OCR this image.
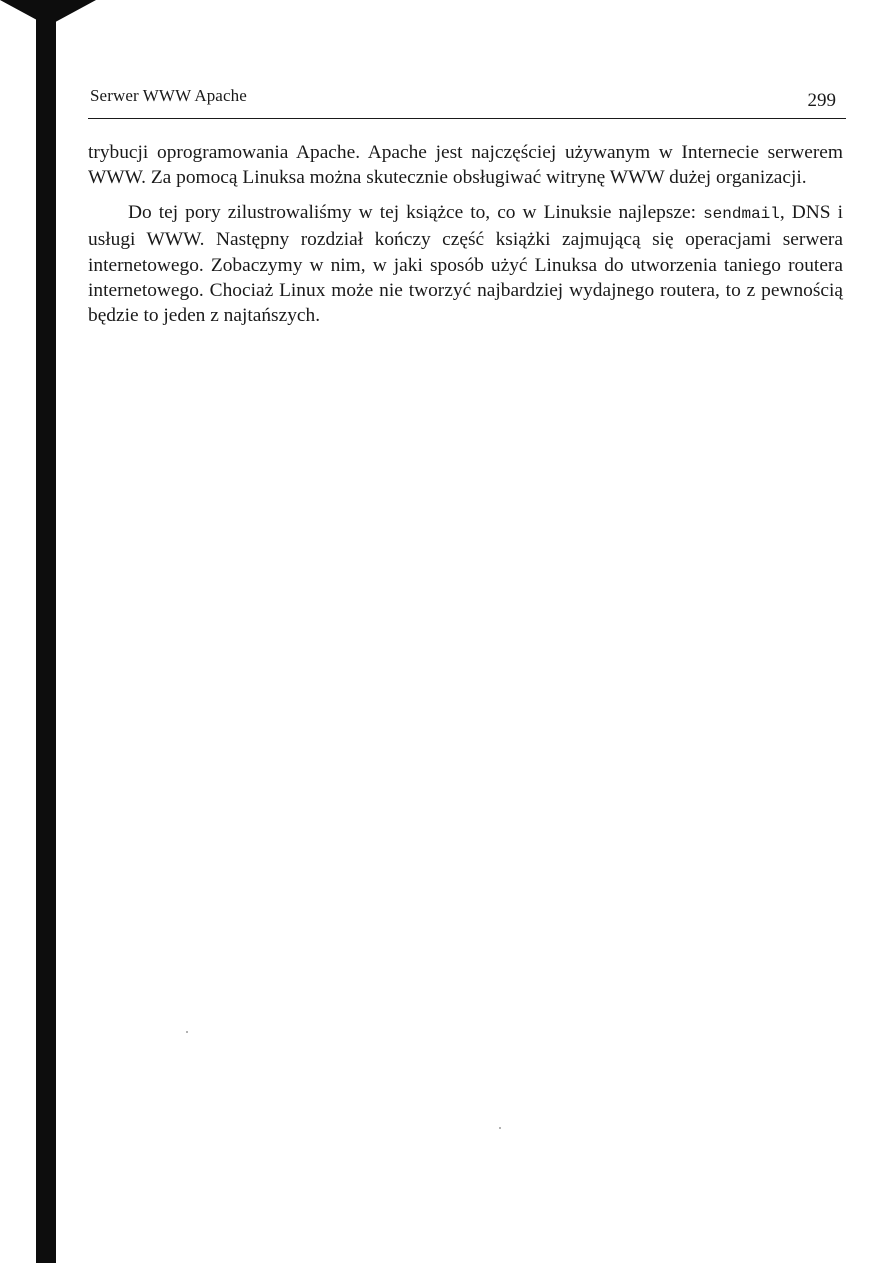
Serwer WWW Apache	299

trybucji oprogramowania Apache. Apache jest najczęściej używanym w Internecie serwerem WWW. Za pomocą Linuksa można skutecznie obsługiwać witrynę WWW dużej organizacji.

Do tej pory zilustrowaliśmy w tej książce to, co w Linuksie najlepsze: sendmail, DNS i usługi WWW. Następny rozdział kończy część książki zajmującą się operacjami serwera internetowego. Zobaczymy w nim, w jaki sposób użyć Linuksa do utworzenia taniego routera internetowego. Chociaż Linux może nie tworzyć najbardziej wydajnego routera, to z pewnością będzie to jeden z najtańszych.
